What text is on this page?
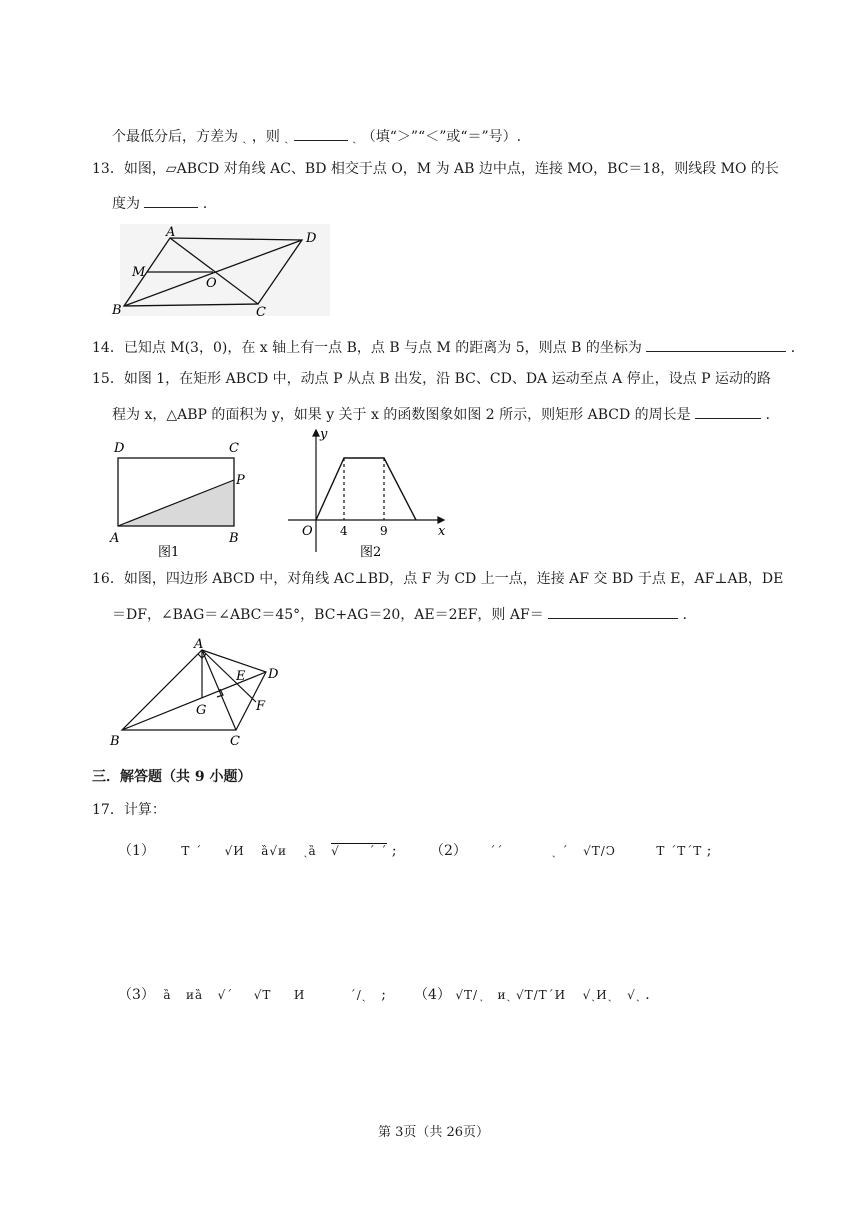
个最低分后，方差为 ˏ ，则 ˏ	ˏ （填“＞”“＜”或“＝”号）.
13．如图，▱ABCD 对角线 AC、BD 相交于点 O，M 为 AB 边中点，连接 MO，BC＝18，则线段 MO 的长
度为	．
A	D
M
O
B	C
14．已知点 M(3，0)，在 x 轴上有一点 B，点 B 与点 M 的距离为 5，则点 B 的坐标为	．
15．如图 1，在矩形 ABCD 中，动点 P 从点 B 出发，沿 BC、CD、DA 运动至点 A 停止，设点 P 运动的路
程为 x，△ABP 的面积为 y，如果 y 关于 x 的函数图象如图 2 所示，则矩形 ABCD 的周长是	．
D	C
P
A	B
图1
y
x
O 4	9
图2
16．如图，四边形 ABCD 中，对角线 AC⊥BD，点 F 为 CD 上一点，连接 AF 交 BD 于点 E，AF⊥AB，DE
＝DF，∠BAG＝∠ABC＝45°，BC+AG＝20，AE＝2EF，则 AF＝	．
A
D
E
F
G
B	C
三．解答题（共 9 小题）
17．计算：
（1） T ˊ √И ȁ√и ˏȁ √      ˊ ˊ ; （2） ˊˊ	ˏ ˊ √T/Ͻ	T ˊTˊT ;
（3） ȁ иȁ √ˊ √T И	ˊ/ˏ ; （4） √T/ͺ иˏ √T/TˊИ √ˏИˏ √ˏ .
第 3页（共 26页）
